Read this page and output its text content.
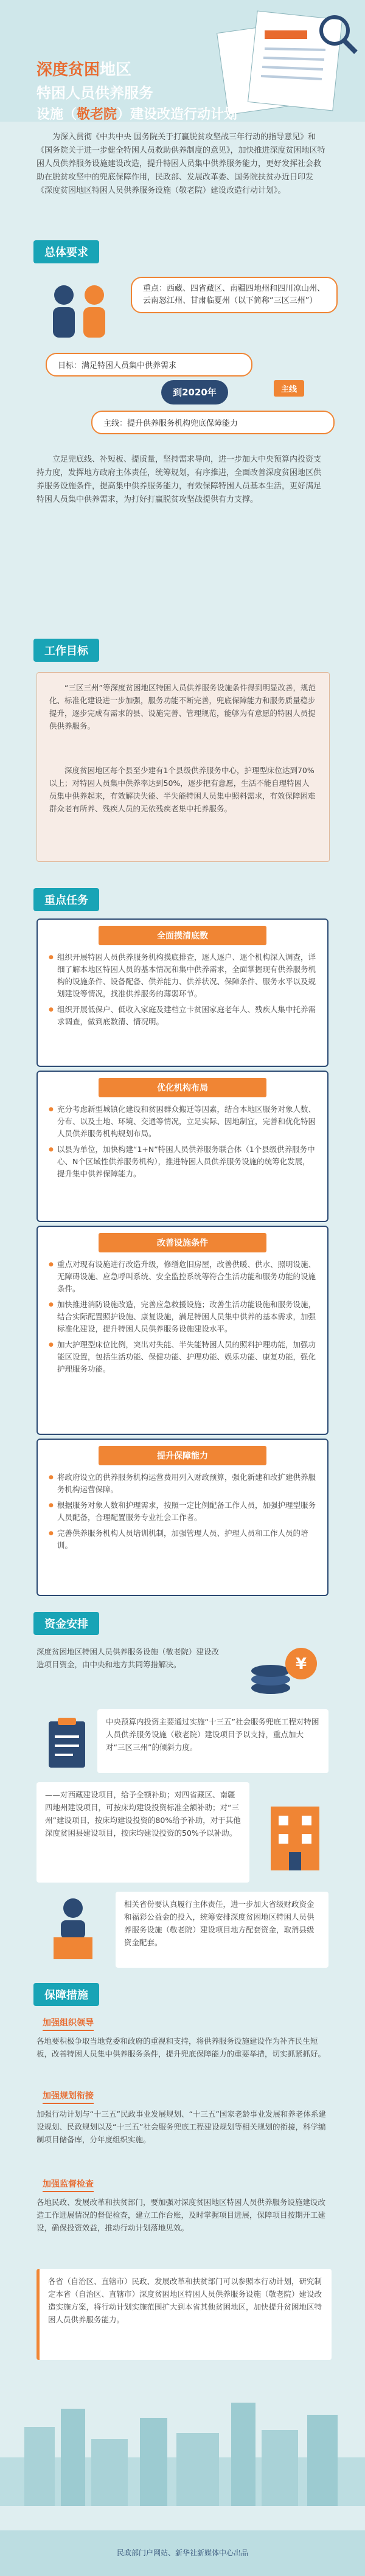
深度贫困地区
特困人员供养服务
设施（敬老院）建设改造行动计划
为深入贯彻《中共中央 国务院关于打赢脱贫攻坚战三年行动的指导意见》和《国务院关于进一步健全特困人员救助供养制度的意见》，加快推进深度贫困地区特困人员供养服务设施建设改造，提升特困人员集中供养服务能力，更好发挥社会救助在脱贫攻坚中的兜底保障作用，民政部、发展改革委、国务院扶贫办近日印发《深度贫困地区特困人员供养服务设施（敬老院）建设改造行动计划》。
总体要求
重点：西藏、四省藏区、南疆四地州和四川凉山州、云南怒江州、甘肃临夏州（以下简称“三区三州”）
目标：满足特困人员集中供养需求
到2020年	主线
主线：提升供养服务机构兜底保障能力
立足兜底线、补短板、提质量，坚持需求导向，进一步加大中央预算内投资支持力度，发挥地方政府主体责任，统筹规划，有序推进，全面改善深度贫困地区供养服务设施条件，提高集中供养服务能力，有效保障特困人员基本生活，更好满足特困人员集中供养需求，为打好打赢脱贫攻坚战提供有力支撑。
工作目标
“三区三州”等深度贫困地区特困人员供养服务设施条件得到明显改善，规范化、标准化建设进一步加强，服务功能不断完善，兜底保障能力和服务质量稳步提升，逐步完成有需求的县、设施完善、管理规范，能够为有意愿的特困人员提供供养服务。
深度贫困地区每个县至少建有1个县级供养服务中心，护理型床位达到70%以上；对特困人员集中供养率达到50%，逐步把有意愿，生活不能自理特困人员集中供养起来，有效解决失能、半失能特困人员集中照料需求，有效保障困难群众老有所养、残疾人员的无依残疾老集中托养服务。
重点任务
全面摸清底数
● 组织开展特困人员供养服务机构摸底排查，逐人逐户、逐个机构深入调查，详细了解本地区特困人员的基本情况和集中供养需求，全面掌握现有供养服务机构的设施条件、设备配备、供养能力、供养状况、保障条件、服务水平以及规划建设等情况，找准供养服务的薄弱环节。
● 组织开展低保户、低收入家庭及建档立卡贫困家庭老年人、残疾人集中托养需求调查，做到底数清、情况明。
优化机构布局
● 充分考虑新型城镇化建设和贫困群众搬迁等因素，结合本地区服务对象人数、分布、以及土地、环境、交通等情况，立足实际、因地制宜，完善和优化特困人员供养服务机构规划布局。
● 以县为单位，加快构建“1+N”特困人员供养服务联合体（1个县级供养服务中心、N个区域性供养服务机构），推进特困人员供养服务设施的统筹化发展，提升集中供养保障能力。
改善设施条件
● 重点对现有设施进行改造升级，修缮危旧房屋，改善供暖、供水、照明设施、无障碍设施、应急呼叫系统、安全监控系统等符合生活功能和服务功能的设施条件。
● 加快推进消防设施改造，完善应急救援设施；改善生活功能设施和服务设施，结合实际配置照护设施、康复设施，满足特困人员集中供养的基本需求，加强标准化建设，提升特困人员供养服务设施建设水平。
● 加大护理型床位比例，突出对失能、半失能特困人员的照料护理功能，加强功能区设置，包括生活功能、保健功能、护理功能、娱乐功能、康复功能，强化护理服务功能。
提升保障能力
● 将政府设立的供养服务机构运营费用列入财政预算，强化新建和改扩建供养服务机构运营保障。
● 根据服务对象人数和护理需求，按照一定比例配备工作人员，加强护理型服务人员配备，合理配置服务专业社会工作者。
● 完善供养服务机构人员培训机制，加强管理人员、护理人员和工作人员的培训。
资金安排
深度贫困地区特困人员供养服务设施（敬老院）建设改造项目资金，由中央和地方共同筹措解决。	¥
中央预算内投资主要通过实施“十三五”社会服务兜底工程对特困人员供养服务设施（敬老院）建设项目予以支持，重点加大对“三区三州”的倾斜力度。
——对西藏建设项目，给予全额补助；对四省藏区、南疆四地州建设项目，可按床均建设投资标准全额补助；对“三州”建设项目，按床均建设投资的80%给予补助，对于其他深度贫困县建设项目，按床均建设投资的50%予以补助。
相关省份要认真履行主体责任，进一步加大省级财政资金和福彩公益金的投入，统筹安排深度贫困地区特困人员供养服务设施（敬老院）建设项目地方配套资金，取消县级资金配套。
保障措施
加强组织领导
各地要积极争取当地党委和政府的重视和支持，将供养服务设施建设作为补齐民生短板，改善特困人员集中供养服务条件，提升兜底保障能力的重要举措，切实抓紧抓好。
加强规划衔接
加强行动计划与“十三五”民政事业发展规划、“十三五”国家老龄事业发展和养老体系建设规划、民政规划以及“十三五”社会服务兜底工程建设规划等相关规划的衔接，科学编制项目储备库，分年度组织实施。
加强监督检查
各地民政、发展改革和扶贫部门，要加强对深度贫困地区特困人员供养服务设施建设改造工作进展情况的督促检查，建立工作台账，及时掌握项目进展，保障项目按期开工建设，确保投资效益，推动行动计划落地见效。
各省（自治区、直辖市）民政、发展改革和扶贫部门可以参照本行动计划，研究制定本省（自治区、直辖市）深度贫困地区特困人员供养服务设施（敬老院）建设改造实施方案，将行动计划实施范围扩大到本省其他贫困地区，加快提升贫困地区特困人员供养服务能力。
民政部门户网站、新华社新媒体中心出品
